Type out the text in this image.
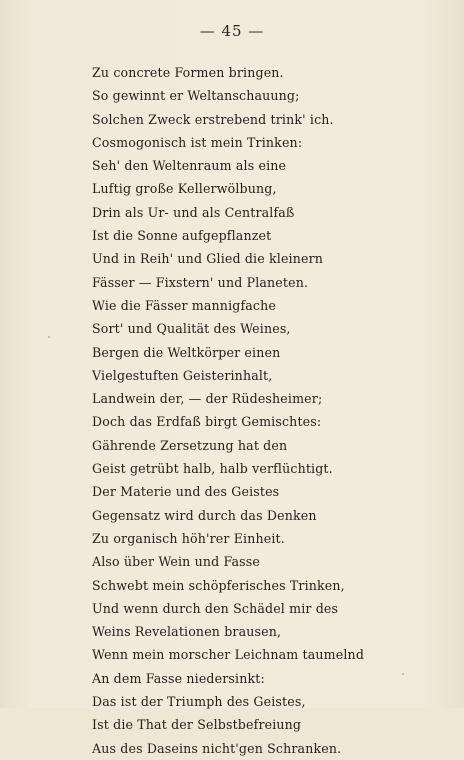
— 45 —
Zu concrete Formen bringen.
So gewinnt er Weltanschauung;
Solchen Zweck erstrebend trink' ich.
Cosmogonisch ist mein Trinken:
Seh' den Weltenraum als eine
Luftig große Kellerwölbung,
Drin als Ur- und als Centralfaß
Ist die Sonne aufgepflanzet
Und in Reih' und Glied die kleinern
Fässer — Fixstern' und Planeten.
Wie die Fässer mannigfache
Sort' und Qualität des Weines,
Bergen die Weltkörper einen
Vielgestuften Geisterinhalt,
Landwein der, — der Rüdesheimer;
Doch das Erdfaß birgt Gemischtes:
Gährende Zersetzung hat den
Geist getrübt halb, halb verflüchtigt.
Der Materie und des Geistes
Gegensatz wird durch das Denken
Zu organisch höh'rer Einheit.
Also über Wein und Fasse
Schwebt mein schöpferisches Trinken,
Und wenn durch den Schädel mir des
Weins Revelationen brausen,
Wenn mein morscher Leichnam taumelnd
An dem Fasse niedersinkt:
Das ist der Triumph des Geistes,
Ist die That der Selbstbefreiung
Aus des Daseins nicht'gen Schranken.
